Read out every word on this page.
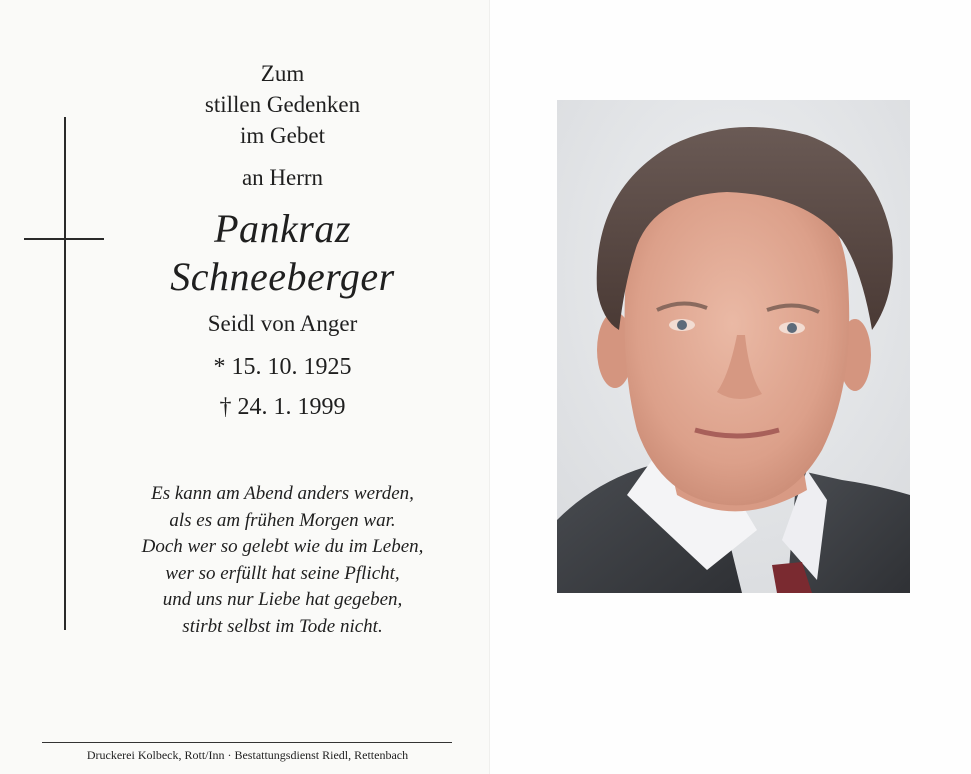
Zum
stillen Gedenken
im Gebet
an Herrn
Pankraz
Schneeberger
Seidl von Anger
* 15. 10. 1925
† 24. 1. 1999
Es kann am Abend anders werden,
als es am frühen Morgen war.
Doch wer so gelebt wie du im Leben,
wer so erfüllt hat seine Pflicht,
und uns nur Liebe hat gegeben,
stirbt selbst im Tode nicht.
Druckerei Kolbeck, Rott/Inn · Bestattungsdienst Riedl, Rettenbach
